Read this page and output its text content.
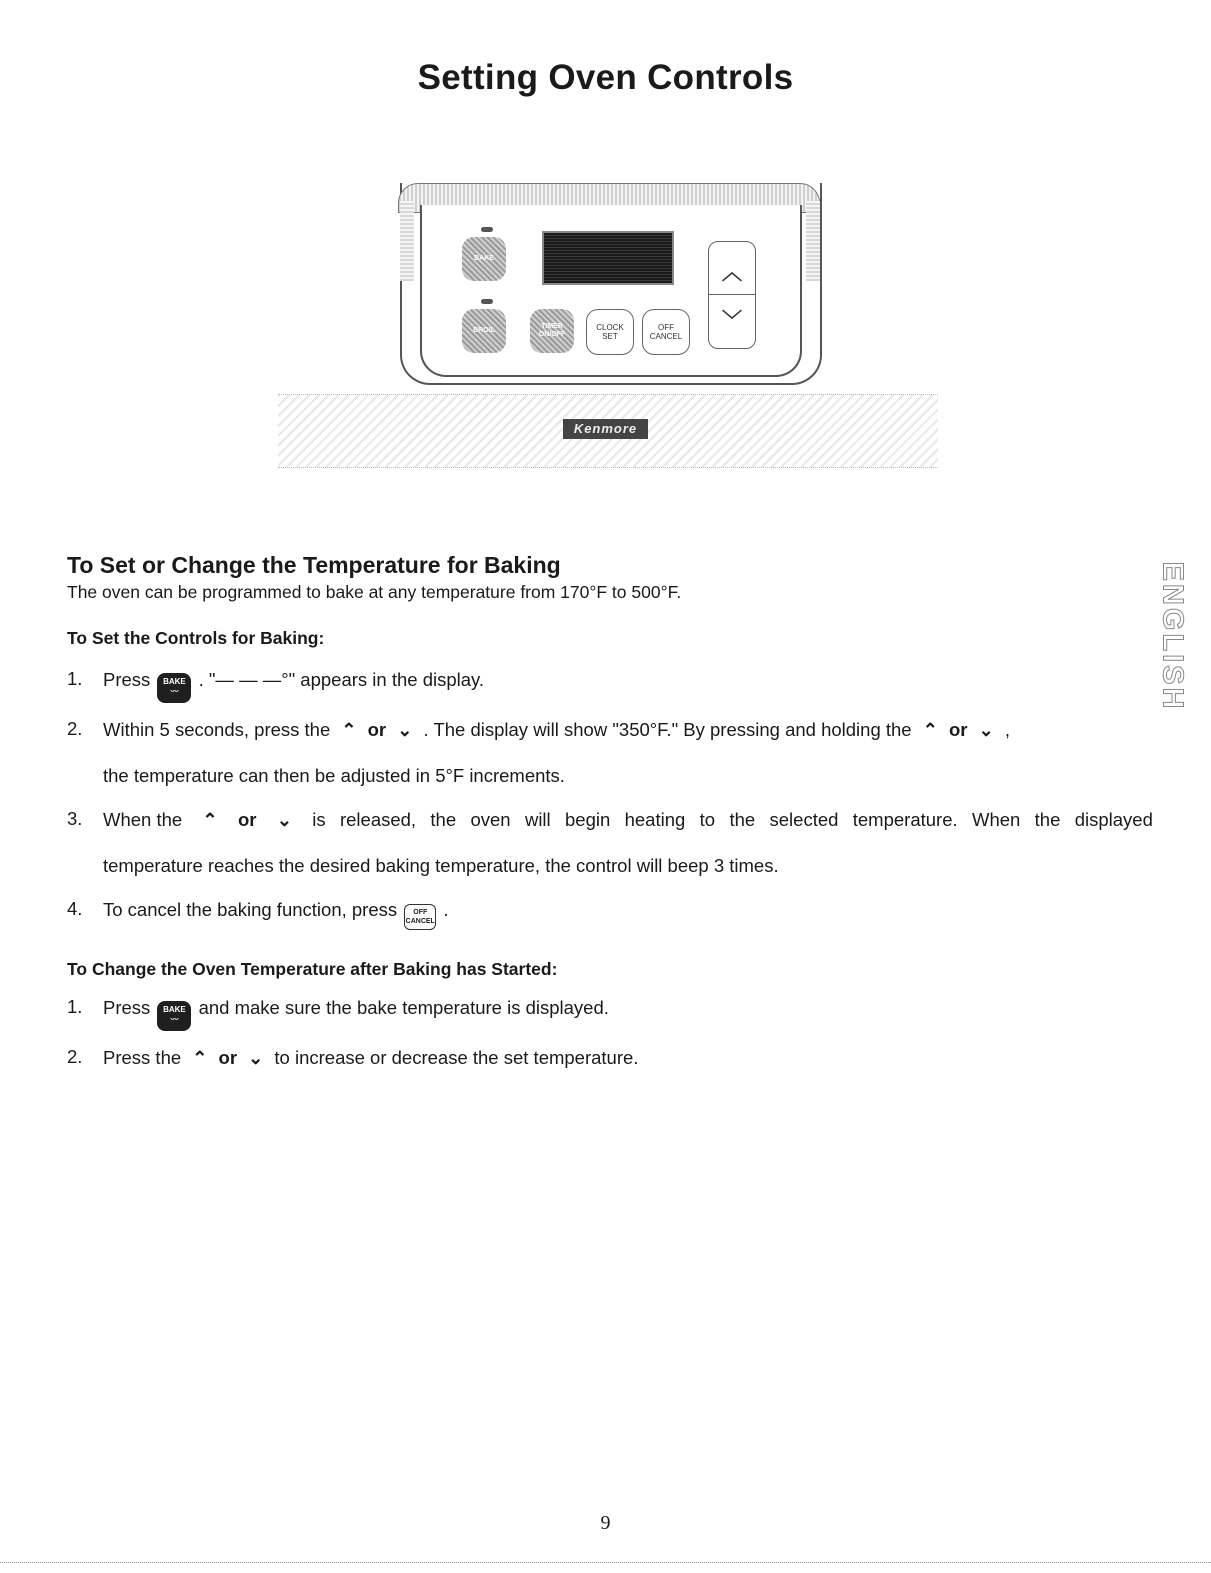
Setting Oven Controls
BAKE
BROIL
TIMER ON/OFF
CLOCK
SET
OFF
CANCEL
︿
﹀
Kenmore
ENGLISH
To Set or Change the Temperature for Baking

The oven can be programmed to bake at any temperature from 170°F to 500°F.

To Set the Controls for Baking:
1. Press BAKE
〰 . "— — —°" appears in the display.
2. Within 5 seconds, press the ⌃ or ⌄ . The display will show "350°F." By pressing and holding the ⌃ or ⌄ ,
the temperature can then be adjusted in 5°F increments.
3. When the ⌃ or ⌄ is released, the oven will begin heating to the selected temperature. When the displayed
temperature reaches the desired baking temperature, the control will beep 3 times.
4. To cancel the baking function, press OFF
CANCEL .
To Change the Oven Temperature after Baking has Started:
1. Press BAKE
〰 and make sure the bake temperature is displayed.
2. Press the ⌃ or ⌄ to increase or decrease the set temperature.
9
